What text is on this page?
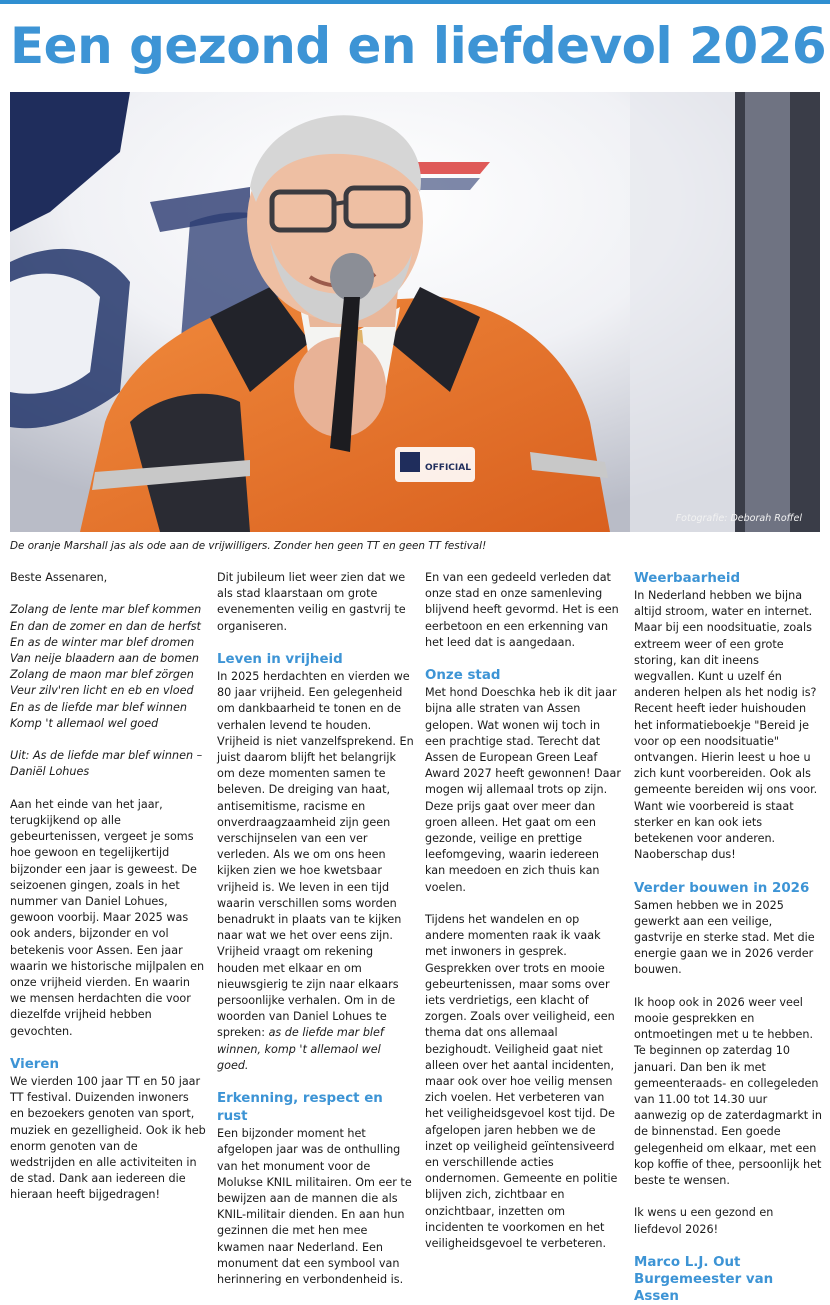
Een gezond en liefdevol 2026
OFFICIAL
Fotografie: Deborah Roffel
De oranje Marshall jas als ode aan de vrijwilligers. Zonder hen geen TT en geen TT festival!

Beste Assenaren,

Zolang de lente mar blef kommen
En dan de zomer en dan de herfst
En as de winter mar blef dromen
Van neije blaadern aan de bomen
Zolang de maon mar blef zörgen
Veur zilv'ren licht en eb en vloed
En as de liefde mar blef winnen
Komp 't allemaol wel goed

Uit: As de liefde mar blef winnen – Daniël Lohues

Aan het einde van het jaar, terugkijkend op alle gebeurtenissen, vergeet je soms hoe gewoon en tegelijkertijd bijzonder een jaar is geweest. De seizoenen gingen, zoals in het nummer van Daniel Lohues, gewoon voorbij. Maar 2025 was ook anders, bijzonder en vol betekenis voor Assen. Een jaar waarin we historische mijlpalen en onze vrijheid vierden. En waarin we mensen herdachten die voor diezelfde vrijheid hebben gevochten.

Vieren

We vierden 100 jaar TT en 50 jaar TT festival. Duizenden inwoners en bezoekers genoten van sport, muziek en gezelligheid. Ook ik heb enorm genoten van de wedstrijden en alle activiteiten in de stad. Dank aan iedereen die hieraan heeft bijgedragen!

Dit jubileum liet weer zien dat we als stad klaarstaan om grote evenementen veilig en gastvrij te organiseren.

Leven in vrijheid

In 2025 herdachten en vierden we 80 jaar vrijheid. Een gelegenheid om dankbaarheid te tonen en de verhalen levend te houden. Vrijheid is niet vanzelfsprekend. En juist daarom blijft het belangrijk om deze momenten samen te beleven. De dreiging van haat, antisemitisme, racisme en onverdraagzaamheid zijn geen verschijnselen van een ver verleden. Als we om ons heen kijken zien we hoe kwetsbaar vrijheid is. We leven in een tijd waarin verschillen soms worden benadrukt in plaats van te kijken naar wat we het over eens zijn. Vrijheid vraagt om rekening houden met elkaar en om nieuwsgierig te zijn naar elkaars persoonlijke verhalen. Om in de woorden van Daniel Lohues te spreken: as de liefde mar blef winnen, komp 't allemaol wel goed.

Erkenning, respect en rust

Een bijzonder moment het afgelopen jaar was de onthulling van het monument voor de Molukse KNIL militairen. Om eer te bewijzen aan de mannen die als KNIL-militair dienden. En aan hun gezinnen die met hen mee kwamen naar Nederland. Een monument dat een symbool van herinnering en verbondenheid is.

En van een gedeeld verleden dat onze stad en onze samenleving blijvend heeft gevormd. Het is een eerbetoon en een erkenning van het leed dat is aangedaan.

Onze stad

Met hond Doeschka heb ik dit jaar bijna alle straten van Assen gelopen. Wat wonen wij toch in een prachtige stad. Terecht dat Assen de European Green Leaf Award 2027 heeft gewonnen! Daar mogen wij allemaal trots op zijn. Deze prijs gaat over meer dan groen alleen. Het gaat om een gezonde, veilige en prettige leefomgeving, waarin iedereen kan meedoen en zich thuis kan voelen.

Tijdens het wandelen en op andere momenten raak ik vaak met inwoners in gesprek. Gesprekken over trots en mooie gebeurtenissen, maar soms over iets verdrietigs, een klacht of zorgen. Zoals over veiligheid, een thema dat ons allemaal bezighoudt. Veiligheid gaat niet alleen over het aantal incidenten, maar ook over hoe veilig mensen zich voelen. Het verbeteren van het veiligheidsgevoel kost tijd. De afgelopen jaren hebben we de inzet op veiligheid geïntensiveerd en verschillende acties ondernomen. Gemeente en politie blijven zich, zichtbaar en onzichtbaar, inzetten om incidenten te voorkomen en het veiligheidsgevoel te verbeteren.

Weerbaarheid

In Nederland hebben we bijna altijd stroom, water en internet. Maar bij een noodsituatie, zoals extreem weer of een grote storing, kan dit ineens wegvallen. Kunt u uzelf én anderen helpen als het nodig is? Recent heeft ieder huishouden het informatieboekje "Bereid je voor op een noodsituatie" ontvangen. Hierin leest u hoe u zich kunt voorbereiden. Ook als gemeente bereiden wij ons voor. Want wie voorbereid is staat sterker en kan ook iets betekenen voor anderen. Naoberschap dus!

Verder bouwen in 2026

Samen hebben we in 2025 gewerkt aan een veilige, gastvrije en sterke stad. Met die energie gaan we in 2026 verder bouwen.

Ik hoop ook in 2026 weer veel mooie gesprekken en ontmoetingen met u te hebben. Te beginnen op zaterdag 10 januari. Dan ben ik met gemeenteraads- en collegeleden van 11.00 tot 14.30 uur aanwezig op de zaterdagmarkt in de binnenstad. Een goede gelegenheid om elkaar, met een kop koffie of thee, persoonlijk het beste te wensen.

Ik wens u een gezond en liefdevol 2026!

Marco L.J. Out
Burgemeester van Assen
